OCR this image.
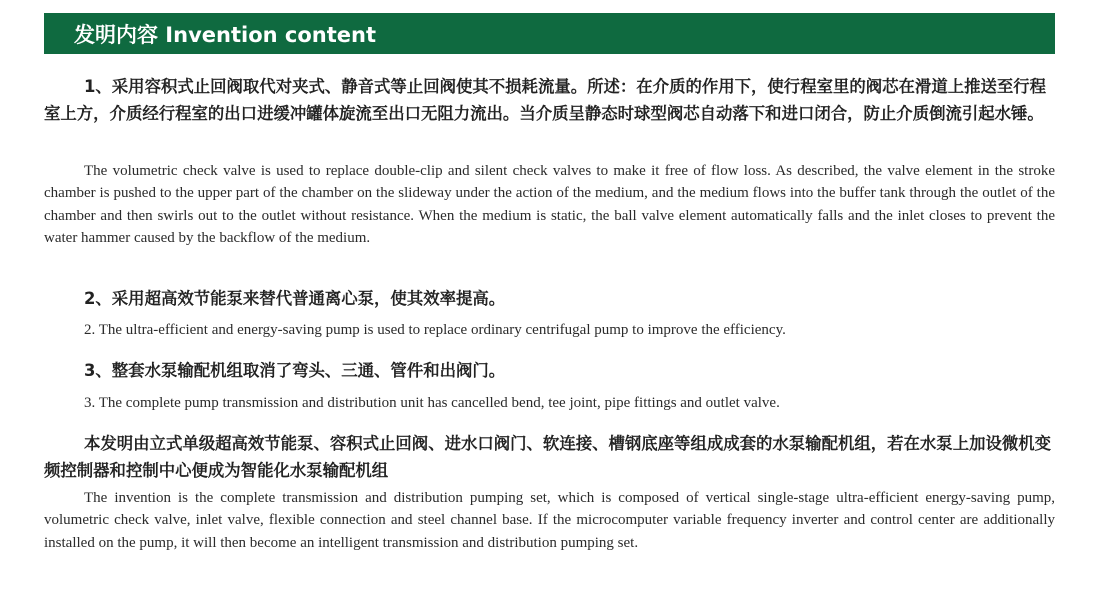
发明内容 Invention content

1、采用容积式止回阀取代对夹式、静音式等止回阀使其不损耗流量。所述：在介质的作用下，使行程室里的阀芯在滑道上推送至行程室上方，介质经行程室的出口进缓冲罐体旋流至出口无阻力流出。当介质呈静态时球型阀芯自动落下和进口闭合，防止介质倒流引起水锤。

The volumetric check valve is used to replace double-clip and silent check valves to make it free of flow loss. As described, the valve element in the stroke chamber is pushed to the upper part of the chamber on the slideway under the action of the medium, and the medium flows into the buffer tank through the outlet of the chamber and then swirls out to the outlet without resistance. When the medium is static, the ball valve element automatically falls and the inlet closes to prevent the water hammer caused by the backflow of the medium.

2、采用超高效节能泵来替代普通离心泵，使其效率提高。

2. The ultra-efficient and energy-saving pump is used to replace ordinary centrifugal pump to improve the efficiency.

3、整套水泵输配机组取消了弯头、三通、管件和出阀门。

3. The complete pump transmission and distribution unit has cancelled bend, tee joint, pipe fittings and outlet valve.

本发明由立式单级超高效节能泵、容积式止回阀、进水口阀门、软连接、槽钢底座等组成成套的水泵输配机组，若在水泵上加设微机变频控制器和控制中心便成为智能化水泵输配机组

The invention is the complete transmission and distribution pumping set, which is composed of vertical single-stage ultra-efficient energy-saving pump, volumetric check valve, inlet valve, flexible connection and steel channel base. If the microcomputer variable frequency inverter and control center are additionally installed on the pump, it will then become an intelligent transmission and distribution pumping set.
